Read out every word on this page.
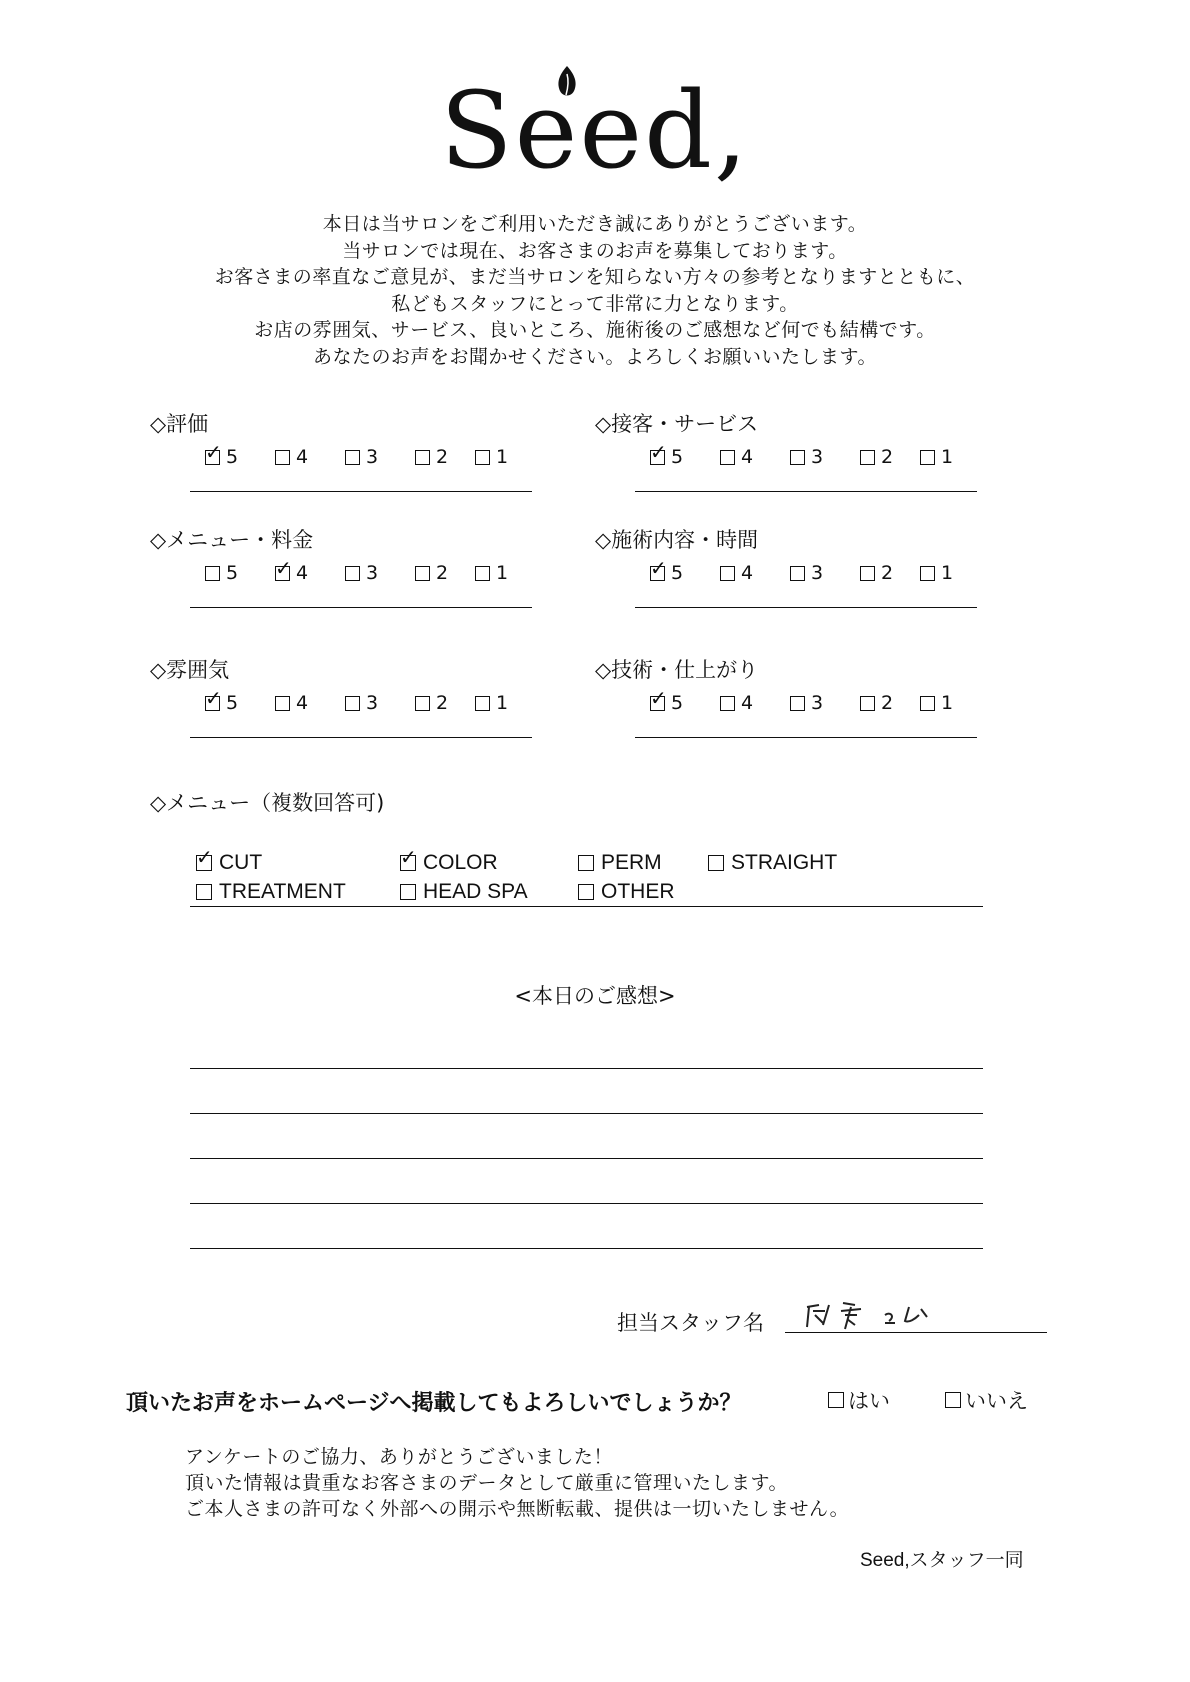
Seed,
本日は当サロンをご利用いただき誠にありがとうございます。
当サロンでは現在、お客さまのお声を募集しております。
お客さまの率直なご意見が、まだ当サロンを知らない方々の参考となりますとともに、
私どもスタッフにとって非常に力となります。
お店の雰囲気、サービス、良いところ、施術後のご感想など何でも結構です。
あなたのお声をお聞かせください。よろしくお願いいたします。
◇評価
✓ 5	4	3	2	1
◇接客・サービス
✓ 5	4	3	2	1
◇メニュー・料金
5 ✓ 4	3	2	1
◇施術内容・時間
✓ 5	4	3	2	1
◇雰囲気
✓ 5	4	3	2	1
◇技術・仕上がり
✓ 5	4	3	2	1
◇メニュー（複数回答可)
✓ CUT	✓ COLOR	PERM	STRAIGHT
TREATMENT	HEAD SPA	OTHER
<本日のご感想>
担当スタッフ名
頂いたお声をホームページへ掲載してもよろしいでしょうか？	はい	いいえ
アンケートのご協力、ありがとうございました！
頂いた情報は貴重なお客さまのデータとして厳重に管理いたします。
ご本人さまの許可なく外部への開示や無断転載、提供は一切いたしません。
Seed,スタッフ一同
